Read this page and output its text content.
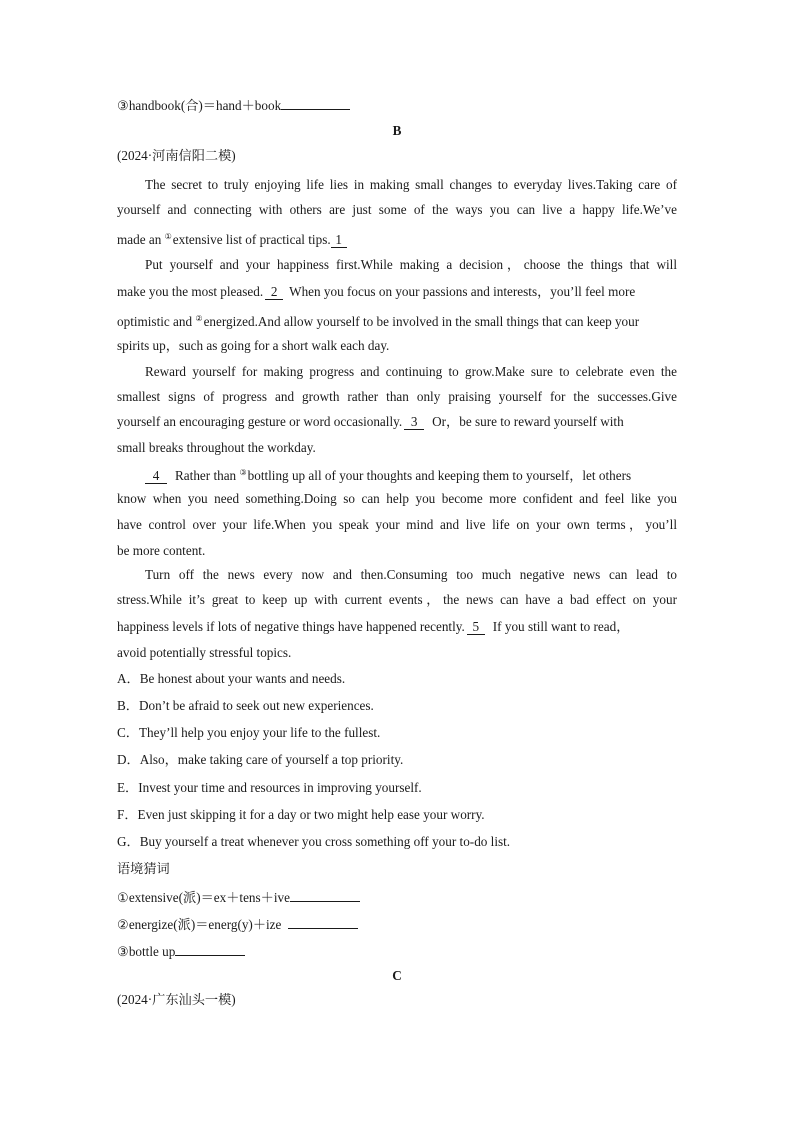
③handbook(合)＝hand＋book
B
(2024·河南信阳二模)
The secret to truly enjoying life lies in making small changes to everyday lives.Taking care of
yourself and connecting with others are just some of the ways you can live a happy life.We’ve
made an ①extensive list of practical tips. 1
Put yourself and your happiness first.While making a decision，choose the things that will
make you the most pleased. 2 When you focus on your passions and interests，you’ll feel more
optimistic and ②energized.And allow yourself to be involved in the small things that can keep your
spirits up，such as going for a short walk each day.
Reward yourself for making progress and continuing to grow.Make sure to celebrate even the
smallest signs of progress and growth rather than only praising yourself for the successes.Give
yourself an encouraging gesture or word occasionally. 3 Or，be sure to reward yourself with
small breaks throughout the workday.
4 Rather than ③bottling up all of your thoughts and keeping them to yourself，let others
know when you need something.Doing so can help you become more confident and feel like you
have control over your life.When you speak your mind and live life on your own terms，you’ll
be more content.
Turn off the news every now and then.Consuming too much negative news can lead to
stress.While it’s great to keep up with current events，the news can have a bad effect on your
happiness levels if lots of negative things have happened recently. 5 If you still want to read，
avoid potentially stressful topics.
A．Be honest about your wants and needs.
B．Don’t be afraid to seek out new experiences.
C．They’ll help you enjoy your life to the fullest.
D．Also，make taking care of yourself a top priority.
E．Invest your time and resources in improving yourself.
F．Even just skipping it for a day or two might help ease your worry.
G．Buy yourself a treat whenever you cross something off your to-do list.
语境猜词
①extensive(派)＝ex＋tens＋ive
②energize(派)＝energ(y)＋ize
③bottle up
C
(2024·广东汕头一模)
